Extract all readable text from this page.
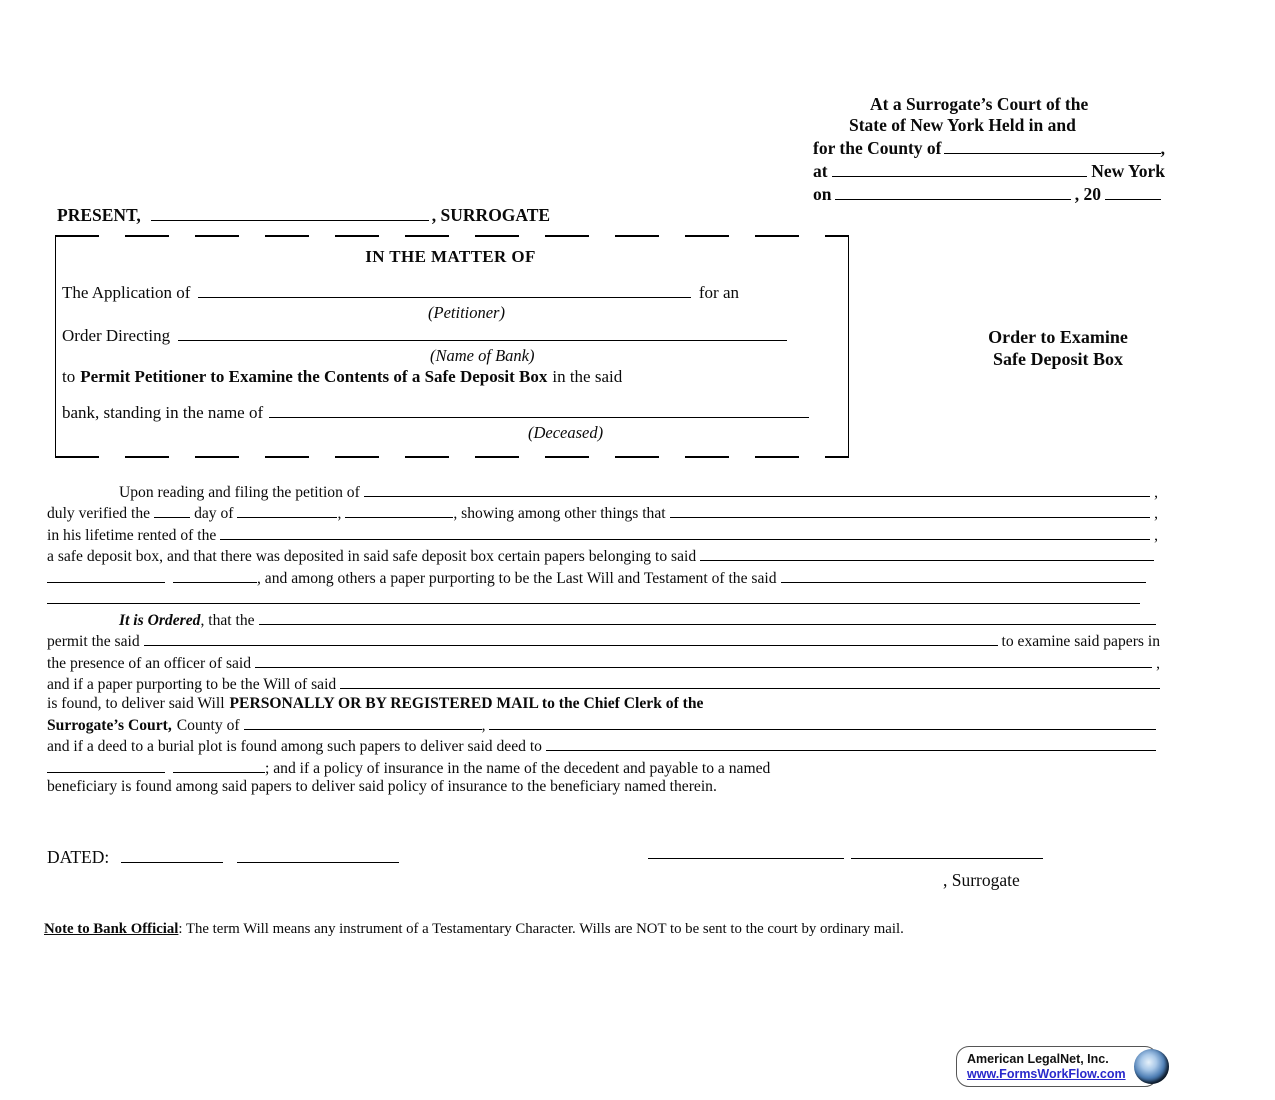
At a Surrogate’s Court of the
State of New York Held in and
for the County of	,
at	New York
on	, 20
PRESENT,	, SURROGATE
IN THE MATTER OF
The Application of	for an
(Petitioner)
Order Directing
(Name of Bank)
to Permit Petitioner to Examine the Contents of a Safe Deposit Box in the said
bank, standing in the name of
(Deceased)
Order to Examine
Safe Deposit Box
Upon reading and filing the petition of	,
duly verified the	day of	,	, showing among other things that	,
in his lifetime rented of the	,
a safe deposit box, and that there was deposited in said safe deposit box certain papers belonging to said
, and among others a paper purporting to be the Last Will and Testament of the said
It is Ordered , that the
permit the said	to examine said papers in
the presence of an officer of said	,
and if a paper purporting to be the Will of said
is found, to deliver said Will PERSONALLY OR BY REGISTERED MAIL to the Chief Clerk of the
Surrogate’s Court, County of	,
and if a deed to a burial plot is found among such papers to deliver said deed to
; and if a policy of insurance in the name of the decedent and payable to a named
beneficiary is found among said papers to deliver said policy of insurance to the beneficiary named therein.
DATED:
, Surrogate
Note to Bank Official: The term Will means any instrument of a Testamentary Character. Wills are NOT to be sent to the court by ordinary mail.
American LegalNet, Inc.
www.FormsWorkFlow.com
